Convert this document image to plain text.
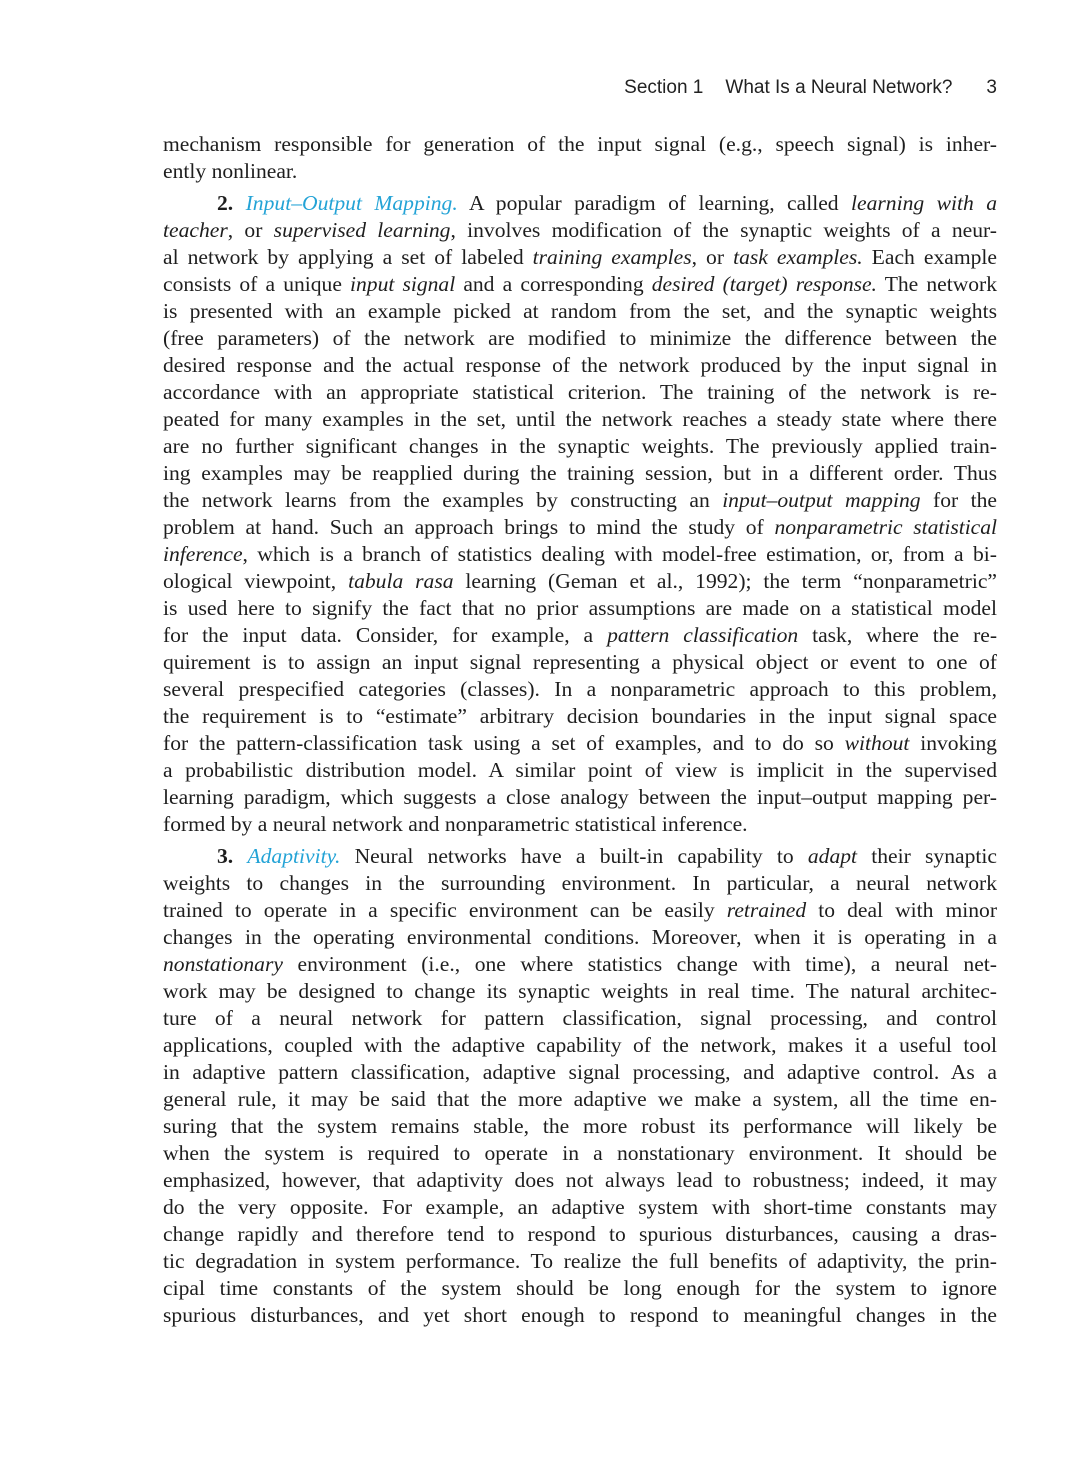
Section 1 What Is a Neural Network? 3
mechanism responsible for generation of the input signal (e.g., speech signal) is inher-
ently nonlinear.
2. Input–Output Mapping. A popular paradigm of learning, called learning with a
teacher, or supervised learning, involves modification of the synaptic weights of a neur-
al network by applying a set of labeled training examples, or task examples. Each example
consists of a unique input signal and a corresponding desired (target) response. The network
is presented with an example picked at random from the set, and the synaptic weights
(free parameters) of the network are modified to minimize the difference between the
desired response and the actual response of the network produced by the input signal in
accordance with an appropriate statistical criterion. The training of the network is re-
peated for many examples in the set, until the network reaches a steady state where there
are no further significant changes in the synaptic weights. The previously applied train-
ing examples may be reapplied during the training session, but in a different order. Thus
the network learns from the examples by constructing an input–output mapping for the
problem at hand. Such an approach brings to mind the study of nonparametric statistical
inference, which is a branch of statistics dealing with model-free estimation, or, from a bi-
ological viewpoint, tabula rasa learning (Geman et al., 1992); the term “nonparametric”
is used here to signify the fact that no prior assumptions are made on a statistical model
for the input data. Consider, for example, a pattern classification task, where the re-
quirement is to assign an input signal representing a physical object or event to one of
several prespecified categories (classes). In a nonparametric approach to this problem,
the requirement is to “estimate” arbitrary decision boundaries in the input signal space
for the pattern-classification task using a set of examples, and to do so without invoking
a probabilistic distribution model. A similar point of view is implicit in the supervised
learning paradigm, which suggests a close analogy between the input–output mapping per-
formed by a neural network and nonparametric statistical inference.
3. Adaptivity. Neural networks have a built-in capability to adapt their synaptic
weights to changes in the surrounding environment. In particular, a neural network
trained to operate in a specific environment can be easily retrained to deal with minor
changes in the operating environmental conditions. Moreover, when it is operating in a
nonstationary environment (i.e., one where statistics change with time), a neural net-
work may be designed to change its synaptic weights in real time. The natural architec-
ture of a neural network for pattern classification, signal processing, and control
applications, coupled with the adaptive capability of the network, makes it a useful tool
in adaptive pattern classification, adaptive signal processing, and adaptive control. As a
general rule, it may be said that the more adaptive we make a system, all the time en-
suring that the system remains stable, the more robust its performance will likely be
when the system is required to operate in a nonstationary environment. It should be
emphasized, however, that adaptivity does not always lead to robustness; indeed, it may
do the very opposite. For example, an adaptive system with short-time constants may
change rapidly and therefore tend to respond to spurious disturbances, causing a dras-
tic degradation in system performance. To realize the full benefits of adaptivity, the prin-
cipal time constants of the system should be long enough for the system to ignore
spurious disturbances, and yet short enough to respond to meaningful changes in the
